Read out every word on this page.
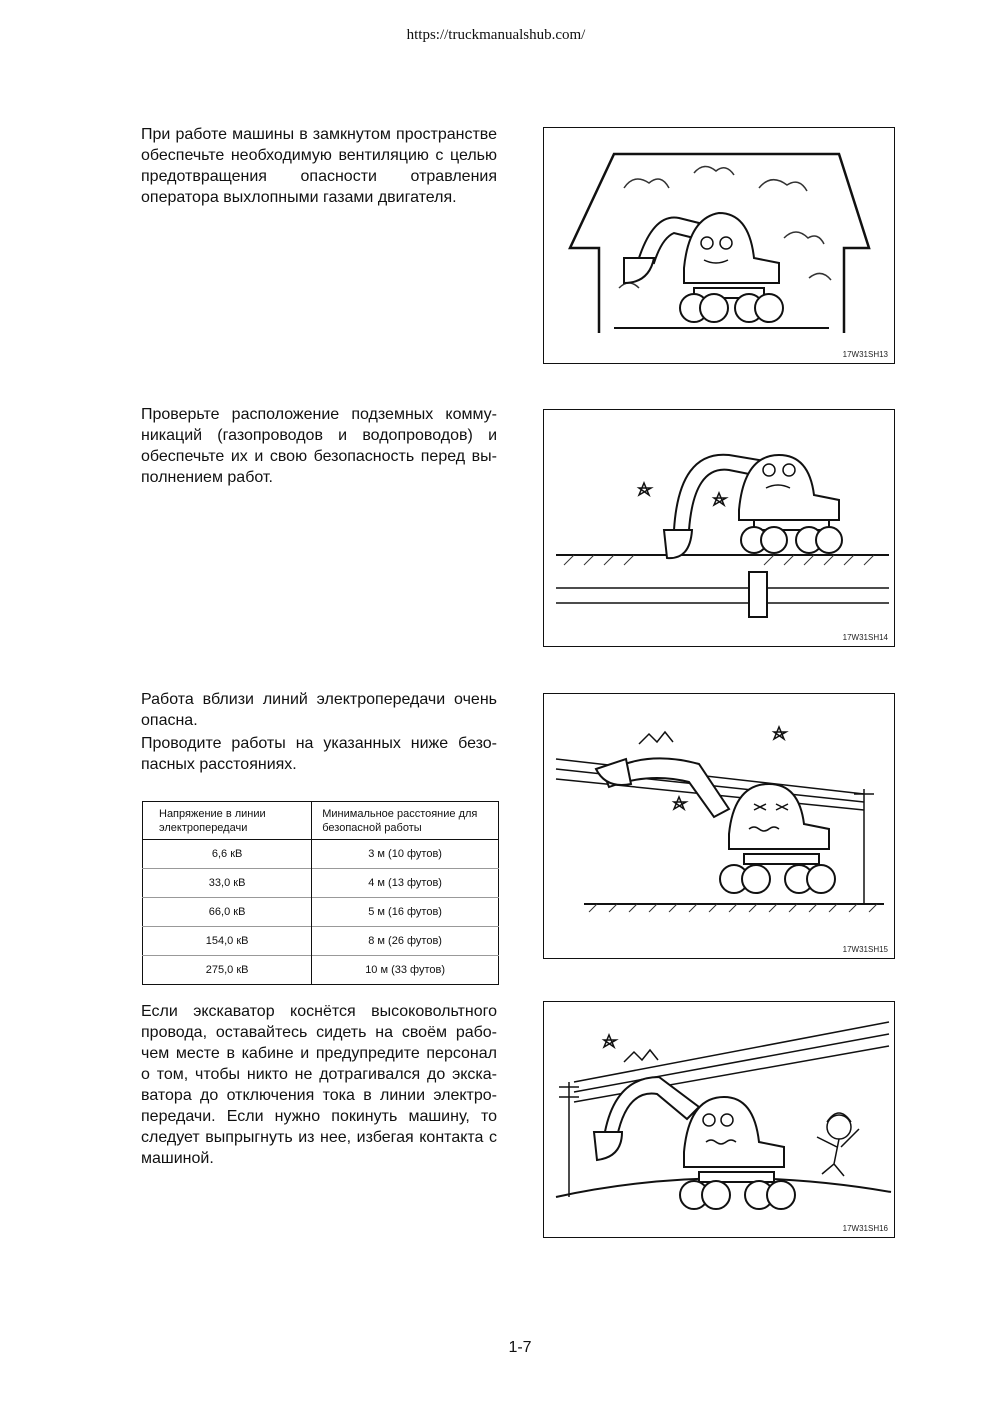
https://truckmanualshub.com/

При работе машины в замкнутом пространстве обеспечьте необходимую вентиляцию с целью предотвращения опасности отравления оператора выхлопными газами двигателя.

17W31SH13

Проверьте расположение подземных коммуникаций (газопроводов и водопроводов) и обеспечьте их и свою безопасность перед выполнением работ.

17W31SH14

Работа вблизи линий электропередачи очень опасна.

Проводите работы на указанных ниже безопасных расстояниях.

Напряжение в линии электропередачи	Минимальное расстояние для безопасной работы
6,6 кВ	3 м (10 футов)
33,0 кВ	4 м (13 футов)
66,0 кВ	5 м (16 футов)
154,0 кВ	8 м (26 футов)
275,0 кВ	10 м (33 футов)
17W31SH15

Если экскаватор коснётся высоковольтного провода, оставайтесь сидеть на своём рабочем месте в кабине и предупредите персонал о том, чтобы никто не дотрагивался до экскаватора до отключения тока в линии электропередачи. Если нужно покинуть машину, то следует выпрыгнуть из нее, избегая контакта с машиной.

17W31SH16
1-7
